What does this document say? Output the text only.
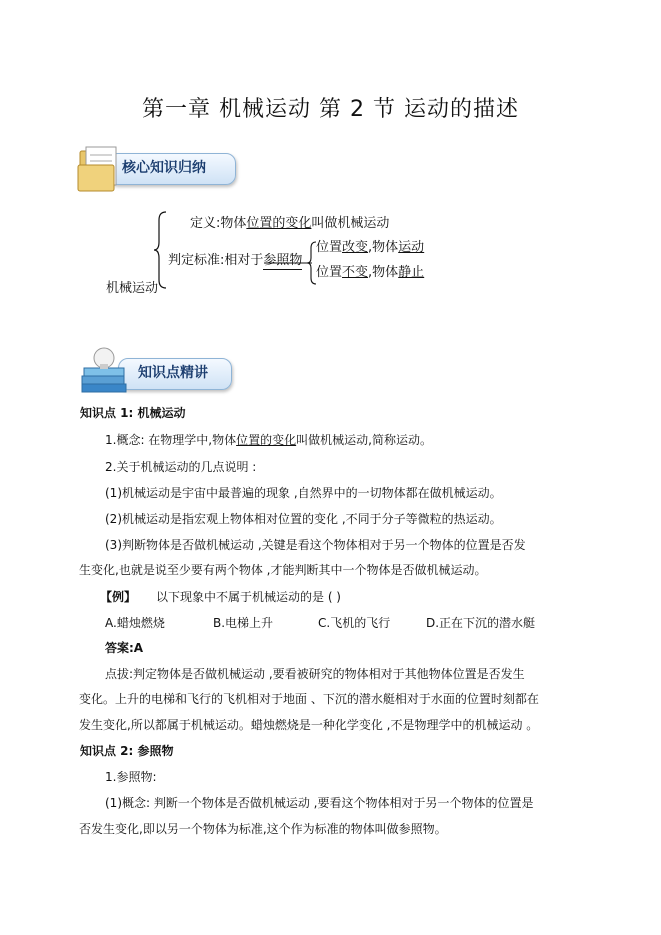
第一章 机械运动 第 2 节 运动的描述
核心知识归纳
定义:物体位置的变化叫做机械运动
判定标准:相对于参照物
位置改变,物体运动
位置不变,物体静止
机械运动
知识点精讲
知识点 1: 机械运动
1.概念: 在物理学中,物体位置的变化叫做机械运动,简称运动。
2.关于机械运动的几点说明 :
(1)机械运动是宇宙中最普遍的现象 ,自然界中的一切物体都在做机械运动。
(2)机械运动是指宏观上物体相对位置的变化 ,不同于分子等微粒的热运动。
(3)判断物体是否做机械运动 ,关键是看这个物体相对于另一个物体的位置是否发
生变化,也就是说至少要有两个物体 ,才能判断其中一个物体是否做机械运动。
【例】 以下现象中不属于机械运动的是 ( )
A.蜡烛燃烧	B.电梯上升	C.飞机的飞行	D.正在下沉的潜水艇
答案:A
点拔:判定物体是否做机械运动 ,要看被研究的物体相对于其他物体位置是否发生
变化。上升的电梯和飞行的飞机相对于地面 、下沉的潜水艇相对于水面的位置时刻都在
发生变化,所以都属于机械运动。蜡烛燃烧是一种化学变化 ,不是物理学中的机械运动 。
知识点 2: 参照物
1.参照物:
(1)概念: 判断一个物体是否做机械运动 ,要看这个物体相对于另一个物体的位置是
否发生变化,即以另一个物体为标准,这个作为标准的物体叫做参照物。
